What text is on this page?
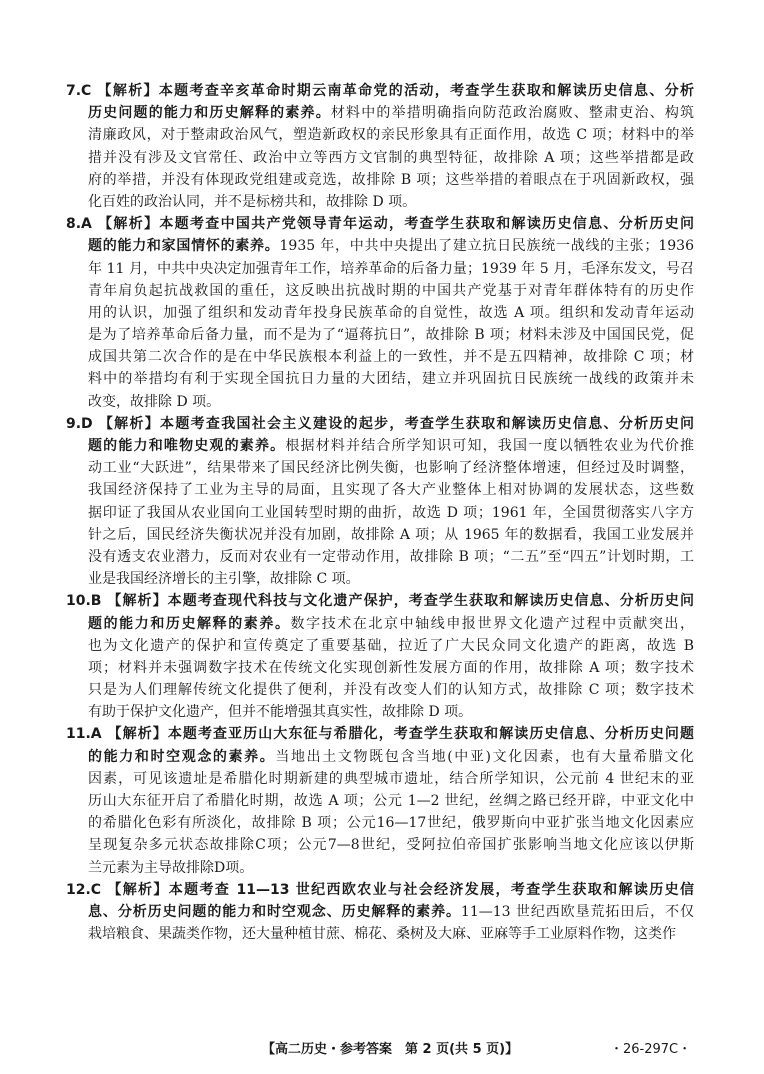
7.C 【解析】本题考查辛亥革命时期云南革命党的活动，考查学生获取和解读历史信息、分析
历史问题的能力和历史解释的素养。材料中的举措明确指向防范政治腐败、整肃吏治、构筑
清廉政风，对于整肃政治风气，塑造新政权的亲民形象具有正面作用，故选 C 项；材料中的举
措并没有涉及文官常任、政治中立等西方文官制的典型特征，故排除 A 项；这些举措都是政
府的举措，并没有体现政党组建或竞选，故排除 B 项；这些举措的着眼点在于巩固新政权，强
化百姓的政治认同，并不是标榜共和，故排除 D 项。
8.A 【解析】本题考查中国共产党领导青年运动，考查学生获取和解读历史信息、分析历史问
题的能力和家国情怀的素养。1935 年，中共中央提出了建立抗日民族统一战线的主张；1936
年 11 月，中共中央决定加强青年工作，培养革命的后备力量；1939 年 5 月，毛泽东发文，号召
青年肩负起抗战救国的重任，这反映出抗战时期的中国共产党基于对青年群体特有的历史作
用的认识，加强了组织和发动青年投身民族革命的自觉性，故选 A 项。组织和发动青年运动
是为了培养革命后备力量，而不是为了“逼蒋抗日”，故排除 B 项；材料未涉及中国国民党，促
成国共第二次合作的是在中华民族根本利益上的一致性，并不是五四精神，故排除 C 项；材
料中的举措均有利于实现全国抗日力量的大团结，建立并巩固抗日民族统一战线的政策并未
改变，故排除 D 项。
9.D 【解析】本题考查我国社会主义建设的起步，考查学生获取和解读历史信息、分析历史问
题的能力和唯物史观的素养。根据材料并结合所学知识可知，我国一度以牺牲农业为代价推
动工业“大跃进”，结果带来了国民经济比例失衡，也影响了经济整体增速，但经过及时调整，
我国经济保持了工业为主导的局面，且实现了各大产业整体上相对协调的发展状态，这些数
据印证了我国从农业国向工业国转型时期的曲折，故选 D 项；1961 年，全国贯彻落实八字方
针之后，国民经济失衡状况并没有加剧，故排除 A 项；从 1965 年的数据看，我国工业发展并
没有透支农业潜力，反而对农业有一定带动作用，故排除 B 项；“二五”至“四五”计划时期，工
业是我国经济增长的主引擎，故排除 C 项。
10.B 【解析】本题考查现代科技与文化遗产保护，考查学生获取和解读历史信息、分析历史问
题的能力和历史解释的素养。数字技术在北京中轴线申报世界文化遗产过程中贡献突出，
也为文化遗产的保护和宣传奠定了重要基础，拉近了广大民众同文化遗产的距离，故选 B
项；材料并未强调数字技术在传统文化实现创新性发展方面的作用，故排除 A 项；数字技术
只是为人们理解传统文化提供了便利，并没有改变人们的认知方式，故排除 C 项；数字技术
有助于保护文化遗产，但并不能增强其真实性，故排除 D 项。
11.A 【解析】本题考查亚历山大东征与希腊化，考查学生获取和解读历史信息、分析历史问题
的能力和时空观念的素养。当地出土文物既包含当地(中亚)文化因素，也有大量希腊文化
因素，可见该遗址是希腊化时期新建的典型城市遗址，结合所学知识，公元前 4 世纪末的亚
历山大东征开启了希腊化时期，故选 A 项；公元 1—2 世纪，丝绸之路已经开辟，中亚文化中
的希腊化色彩有所淡化，故排除 B 项；公元16—17世纪，俄罗斯向中亚扩张当地文化因素应
呈现复杂多元状态故排除C项；公元7—8世纪，受阿拉伯帝国扩张影响当地文化应该以伊斯
兰元素为主导故排除D项。
12.C 【解析】本题考查 11—13 世纪西欧农业与社会经济发展，考查学生获取和解读历史信
息、分析历史问题的能力和时空观念、历史解释的素养。11—13 世纪西欧垦荒拓田后，不仅
栽培粮食、果蔬类作物，还大量种植甘蔗、棉花、桑树及大麻、亚麻等手工业原料作物，这类作
【高二历史・参考答案　第 2 页(共 5 页)】	・26-297C・
